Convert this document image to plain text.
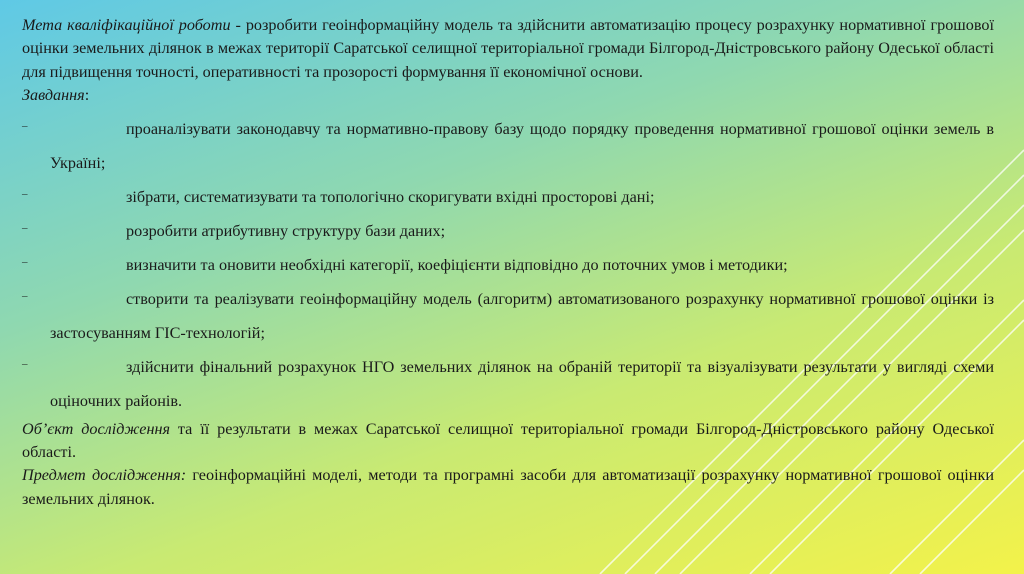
Мета кваліфікаційної роботи - розробити геоінформаційну модель та здійснити автоматизацію процесу розрахунку нормативної грошової оцінки земельних ділянок в межах території Саратської селищної територіальної громади Білгород-Дністровського району Одеської області для підвищення точності, оперативності та прозорості формування її економічної основи.

Завдання:

–	проаналізувати законодавчу та нормативно-правову базу щодо порядку проведення нормативної грошової оцінки земель в Україні;
–	зібрати, систематизувати та топологічно скоригувати вхідні просторові дані;
–	розробити атрибутивну структуру бази даних;
–	визначити та оновити необхідні категорії, коефіцієнти відповідно до поточних умов і методики;
–	створити та реалізувати геоінформаційну модель (алгоритм) автоматизованого розрахунку нормативної грошової оцінки із застосуванням ГІС-технологій;
–	здійснити фінальний розрахунок НГО земельних ділянок на обраній території та візуалізувати результати у вигляді схеми оціночних районів.

Об’єкт дослідження та її результати в межах Саратської селищної територіальної громади Білгород-Дністровського району Одеської області.

Предмет дослідження: геоінформаційні моделі, методи та програмні засоби для автоматизації розрахунку нормативної грошової оцінки земельних ділянок.
